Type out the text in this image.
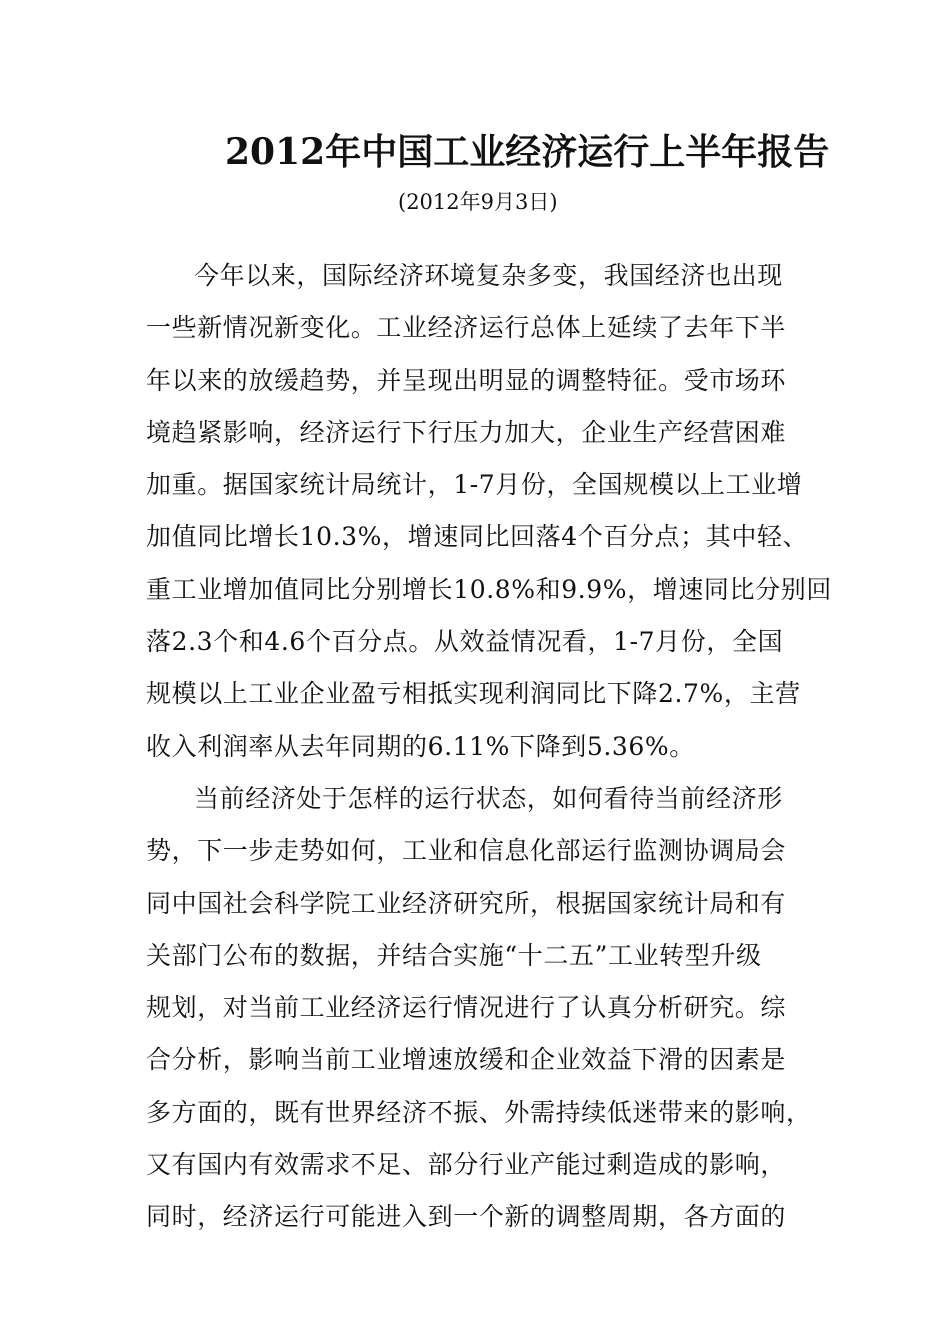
2012年中国工业经济运行上半年报告
(2012年9月3日)
今年以来，国际经济环境复杂多变，我国经济也出现
一些新情况新变化。工业经济运行总体上延续了去年下半
年以来的放缓趋势，并呈现出明显的调整特征。受市场环
境趋紧影响，经济运行下行压力加大，企业生产经营困难
加重。据国家统计局统计，1-7月份，全国规模以上工业增
加值同比增长10.3%，增速同比回落4个百分点；其中轻、
重工业增加值同比分别增长10.8%和9.9%，增速同比分别回
落2.3个和4.6个百分点。从效益情况看，1-7月份，全国
规模以上工业企业盈亏相抵实现利润同比下降2.7%，主营
收入利润率从去年同期的6.11%下降到5.36%。
当前经济处于怎样的运行状态，如何看待当前经济形
势，下一步走势如何，工业和信息化部运行监测协调局会
同中国社会科学院工业经济研究所，根据国家统计局和有
关部门公布的数据，并结合实施“十二五”工业转型升级
规划，对当前工业经济运行情况进行了认真分析研究。综
合分析，影响当前工业增速放缓和企业效益下滑的因素是
多方面的，既有世界经济不振、外需持续低迷带来的影响，
又有国内有效需求不足、部分行业产能过剩造成的影响，
同时，经济运行可能进入到一个新的调整周期，各方面的
